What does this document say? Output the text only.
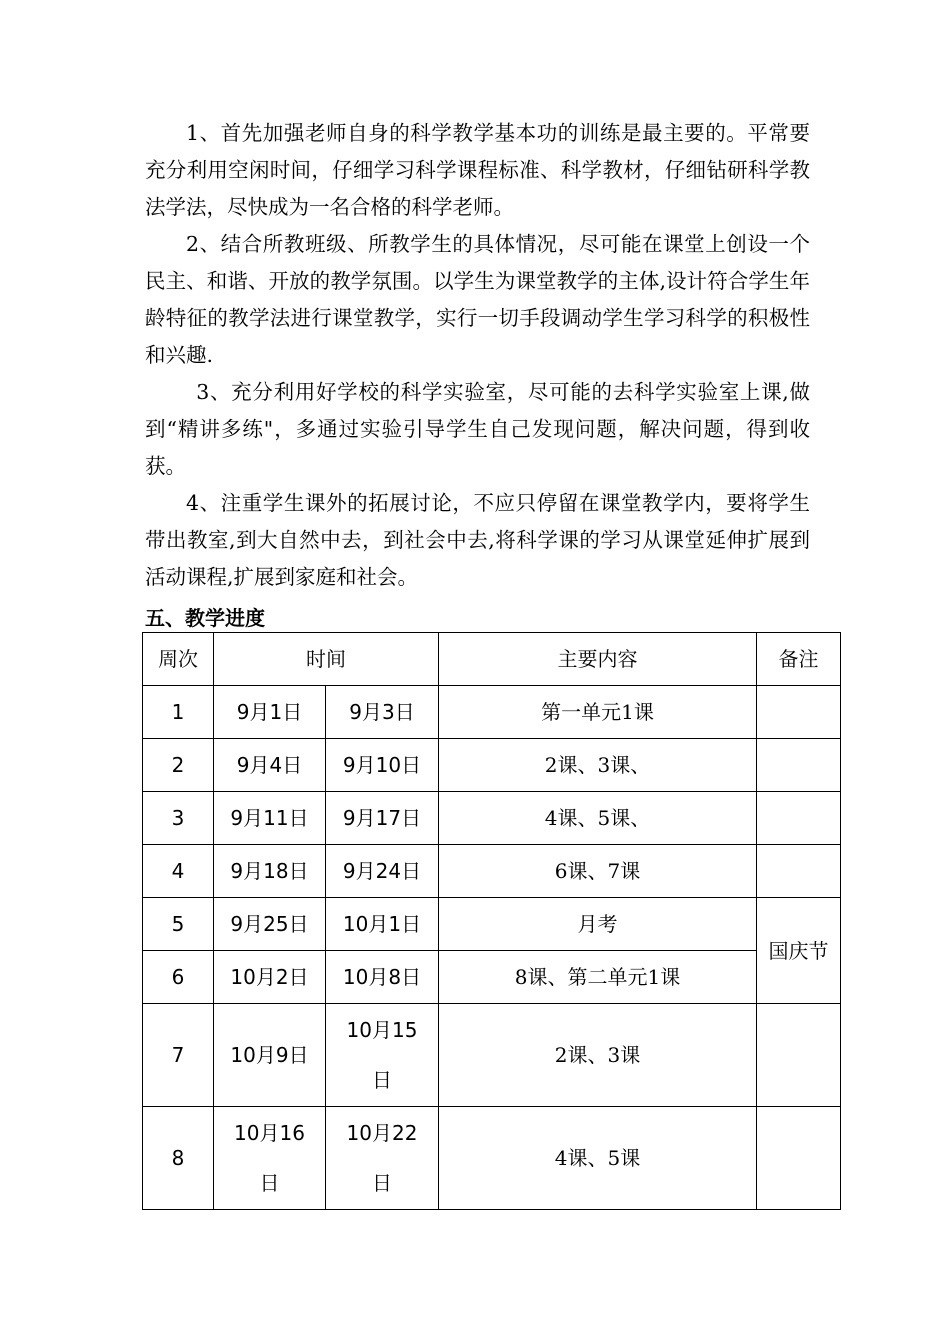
1、首先加强老师自身的科学教学基本功的训练是最主要的。平常要充分利用空闲时间，仔细学习科学课程标准、科学教材，仔细钻研科学教法学法，尽快成为一名合格的科学老师。

2、结合所教班级、所教学生的具体情况，尽可能在课堂上创设一个民主、和谐、开放的教学氛围。以学生为课堂教学的主体,设计符合学生年龄特征的教学法进行课堂教学，实行一切手段调动学生学习科学的积极性和兴趣.

3、充分利用好学校的科学实验室，尽可能的去科学实验室上课,做到“精讲多练"，多通过实验引导学生自己发现问题，解决问题，得到收获。

4、注重学生课外的拓展讨论，不应只停留在课堂教学内，要将学生带出教室,到大自然中去，到社会中去,将科学课的学习从课堂延伸扩展到活动课程,扩展到家庭和社会。

五、教学进度
周次	时间		主要内容	备注
1	9月1日	9月3日	第一单元1课	
2	9月4日	9月10日	2课、3课、	
3	9月11日	9月17日	4课、5课、	
4	9月18日	9月24日	6课、7课	
5	9月25日	10月1日	月考	国庆节
6	10月2日	10月8日	8课、第二单元1课	
7	10月9日	10月15日	2课、3课	
8	10月16日	10月22日	4课、5课	
